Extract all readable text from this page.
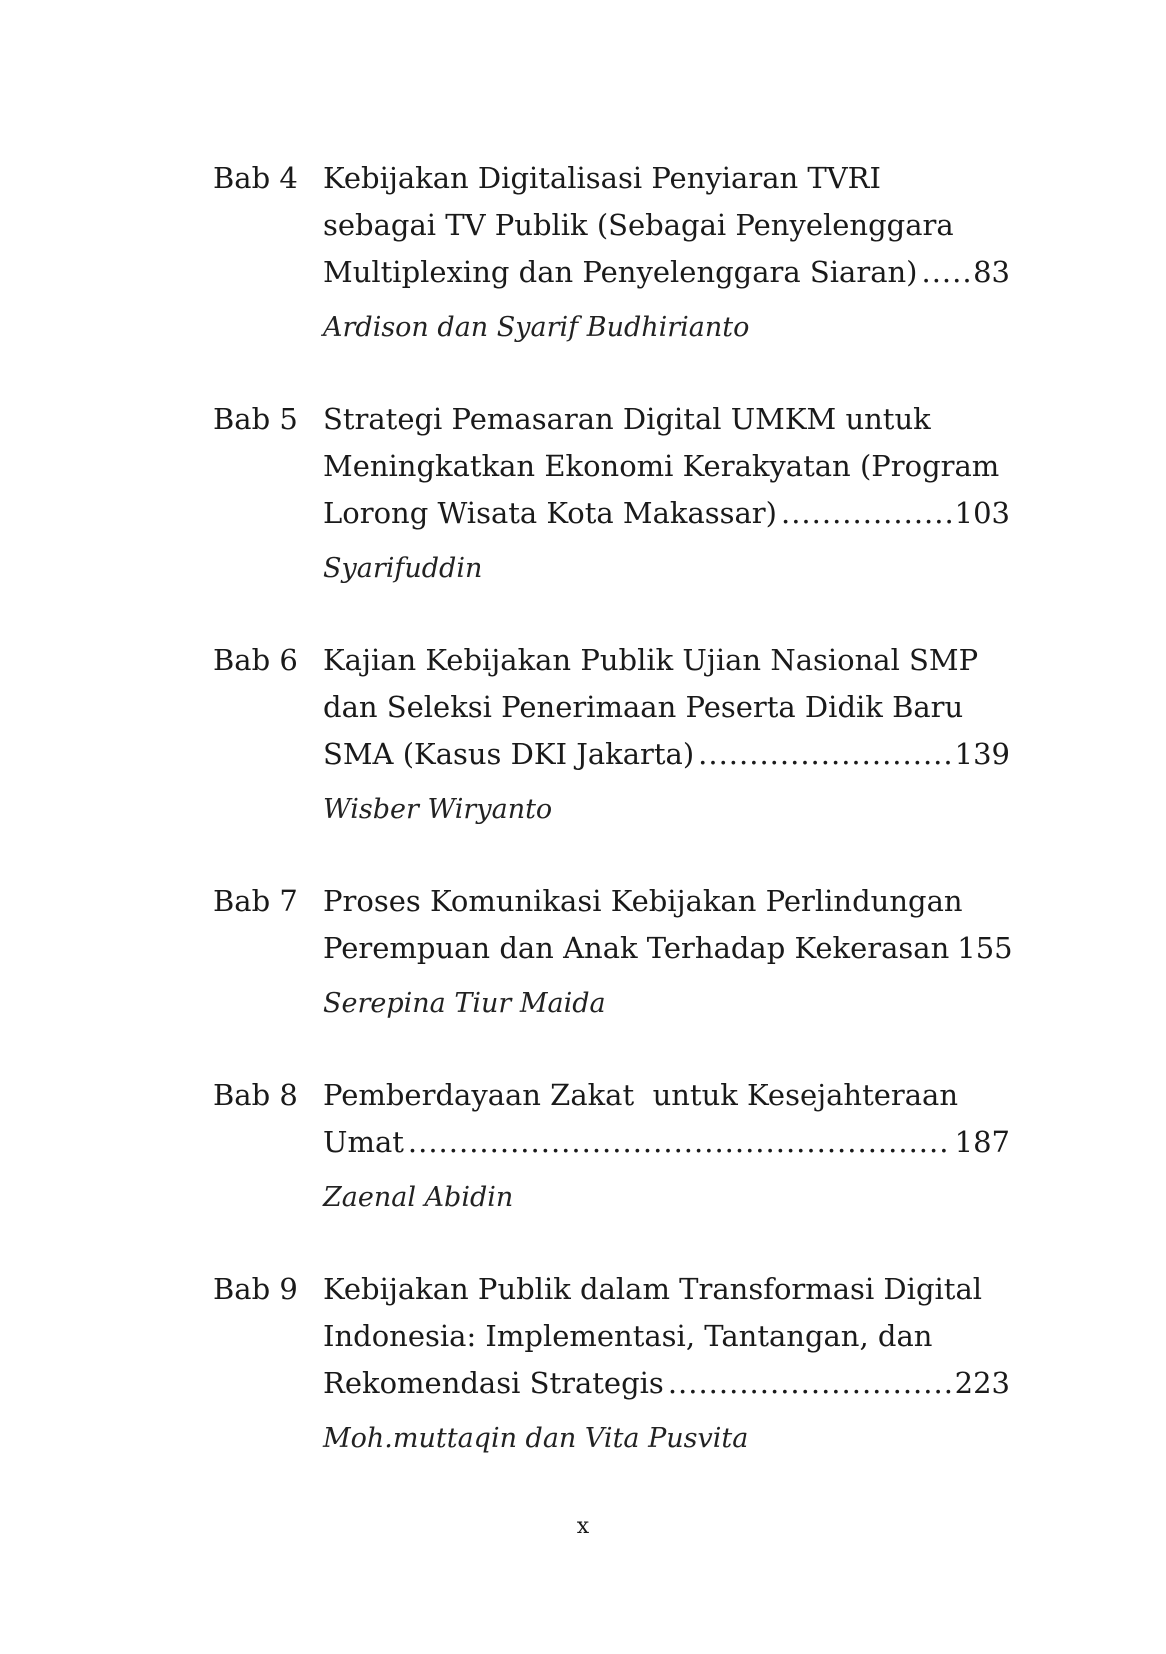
Bab 4 Kebijakan Digitalisasi Penyiaran TVRI
sebagai TV Publik (Sebagai Penyelenggara
Multiplexing dan Penyelenggara Siaran) ..... 83
Ardison dan Syarif Budhirianto
Bab 5 Strategi Pemasaran Digital UMKM untuk
Meningkatkan Ekonomi Kerakyatan (Program
Lorong Wisata Kota Makassar) .....	103
Syarifuddin
Bab 6 Kajian Kebijakan Publik Ujian Nasional SMP
dan Seleksi Penerimaan Peserta Didik Baru
SMA (Kasus DKI Jakarta) .....	139
Wisber Wiryanto
Bab 7 Proses Komunikasi Kebijakan Perlindungan
Perempuan dan Anak Terhadap Kekerasan 155
Serepina Tiur Maida
Bab 8 Pemberdayaan Zakat  untuk Kesejahteraan
Umat .....	187
Zaenal Abidin
Bab 9 Kebijakan Publik dalam Transformasi Digital
Indonesia: Implementasi, Tantangan, dan
Rekomendasi Strategis .....	223
Moh.muttaqin dan Vita Pusvita
x
